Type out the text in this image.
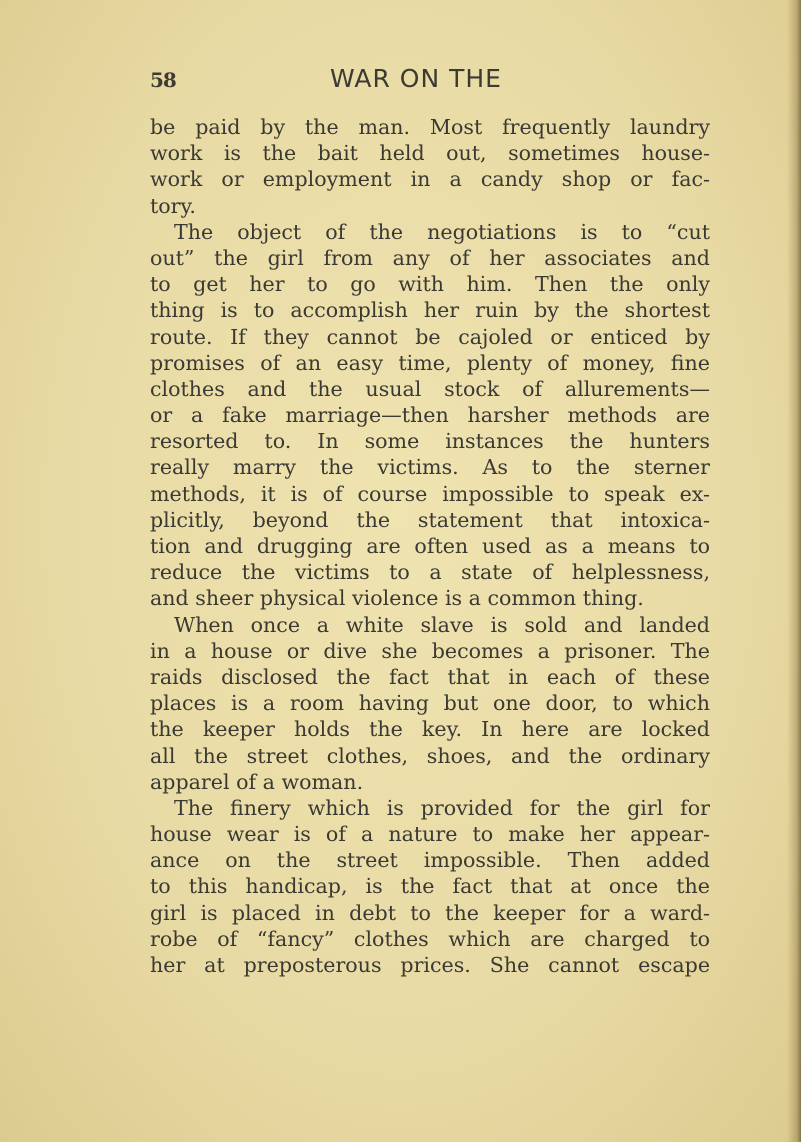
58	WAR ON THE
be paid by the man. Most frequently laundry
work is the bait held out, sometimes house-
work or employment in a candy shop or fac-
tory.
The object of the negotiations is to “cut
out” the girl from any of her associates and
to get her to go with him. Then the only
thing is to accomplish her ruin by the shortest
route. If they cannot be cajoled or enticed by
promises of an easy time, plenty of money, fine
clothes and the usual stock of allurements—
or a fake marriage—then harsher methods are
resorted to. In some instances the hunters
really marry the victims. As to the sterner
methods, it is of course impossible to speak ex-
plicitly, beyond the statement that intoxica-
tion and drugging are often used as a means to
reduce the victims to a state of helplessness,
and sheer physical violence is a common thing.
When once a white slave is sold and landed
in a house or dive she becomes a prisoner. The
raids disclosed the fact that in each of these
places is a room having but one door, to which
the keeper holds the key. In here are locked
all the street clothes, shoes, and the ordinary
apparel of a woman.
The finery which is provided for the girl for
house wear is of a nature to make her appear-
ance on the street impossible. Then added
to this handicap, is the fact that at once the
girl is placed in debt to the keeper for a ward-
robe of “fancy” clothes which are charged to
her at preposterous prices. She cannot escape
